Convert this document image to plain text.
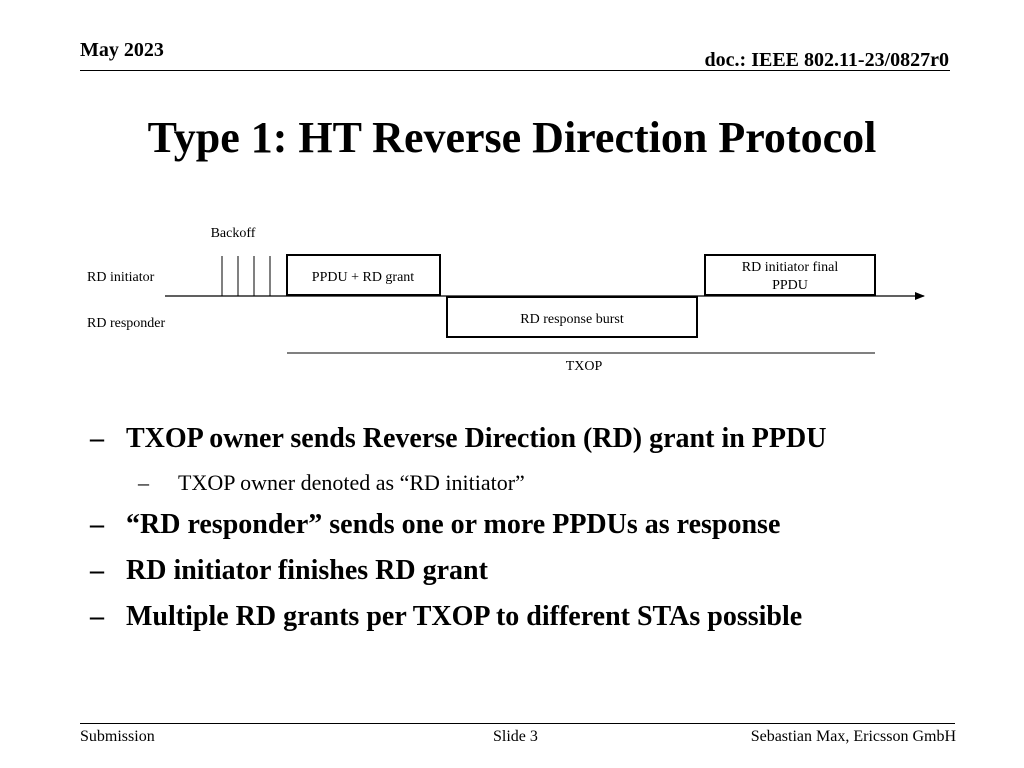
May 2023	doc.: IEEE 802.11-23/0827r0
Type 1: HT Reverse Direction Protocol
Backoff
RD initiator
RD responder
PPDU + RD grant
RD response burst
RD initiator final
PPDU
TXOP
– TXOP owner sends Reverse Direction (RD) grant in PPDU
–	TXOP owner denoted as “RD initiator”
– “RD responder” sends one or more PPDUs as response
– RD initiator finishes RD grant
– Multiple RD grants per TXOP to different STAs possible
Submission	Slide 3	Sebastian Max, Ericsson GmbH
